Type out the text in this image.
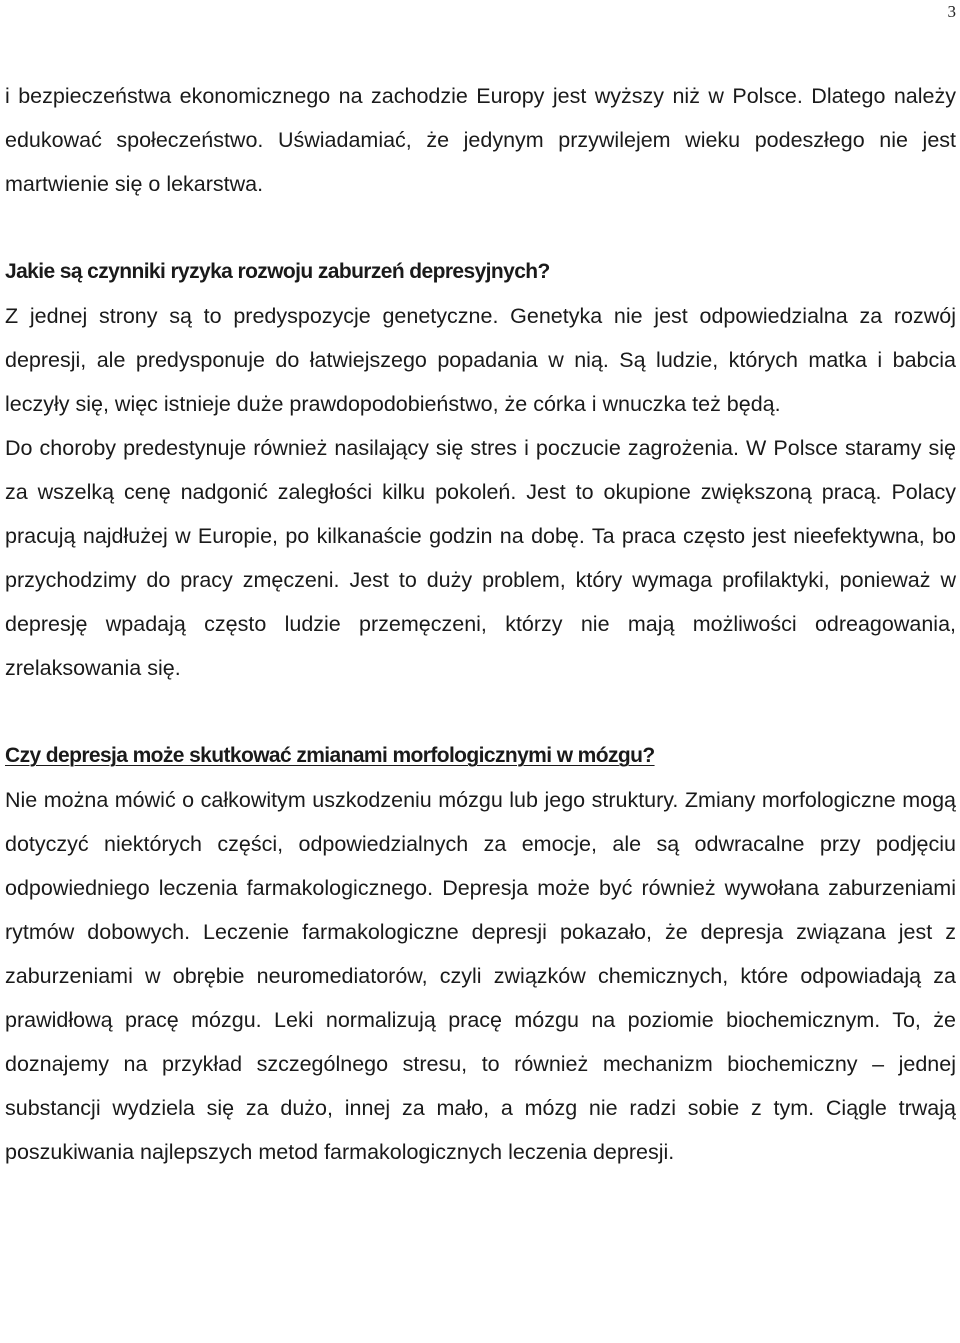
3

i bezpieczeństwa ekonomicznego na zachodzie Europy jest wyższy niż w Polsce. Dlatego należy edukować społeczeństwo. Uświadamiać, że jedynym przywilejem wieku podeszłego nie jest martwienie się o lekarstwa.

Jakie są czynniki ryzyka rozwoju zaburzeń depresyjnych?

Z jednej strony są to predyspozycje genetyczne. Genetyka nie jest odpowiedzialna za rozwój depresji, ale predysponuje do łatwiejszego popadania w nią. Są ludzie, których matka i babcia leczyły się, więc istnieje duże prawdopodobieństwo, że córka i wnuczka też będą.

Do choroby predestynuje również nasilający się stres i poczucie zagrożenia. W Polsce staramy się za wszelką cenę nadgonić zaległości kilku pokoleń. Jest to okupione zwiększoną pracą. Polacy pracują najdłużej w Europie, po kilkanaście godzin na dobę. Ta praca często jest nieefektywna, bo przychodzimy do pracy zmęczeni. Jest to duży problem, który wymaga profilaktyki, ponieważ w depresję wpadają często ludzie przemęczeni, którzy nie mają możliwości odreagowania, zrelaksowania się.

Czy depresja może skutkować zmianami morfologicznymi w mózgu?

Nie można mówić o całkowitym uszkodzeniu mózgu lub jego struktury. Zmiany morfologiczne mogą dotyczyć niektórych części, odpowiedzialnych za emocje, ale są odwracalne przy podjęciu odpowiedniego leczenia farmakologicznego. Depresja może być również wywołana zaburzeniami rytmów dobowych. Leczenie farmakologiczne depresji pokazało, że depresja związana jest z zaburzeniami w obrębie neuromediatorów, czyli związków chemicznych, które odpowiadają za prawidłową pracę mózgu. Leki normalizują pracę mózgu na poziomie biochemicznym. To, że doznajemy na przykład szczególnego stresu, to również mechanizm biochemiczny – jednej substancji wydziela się za dużo, innej za mało, a mózg nie radzi sobie z tym. Ciągle trwają poszukiwania najlepszych metod farmakologicznych leczenia depresji.
